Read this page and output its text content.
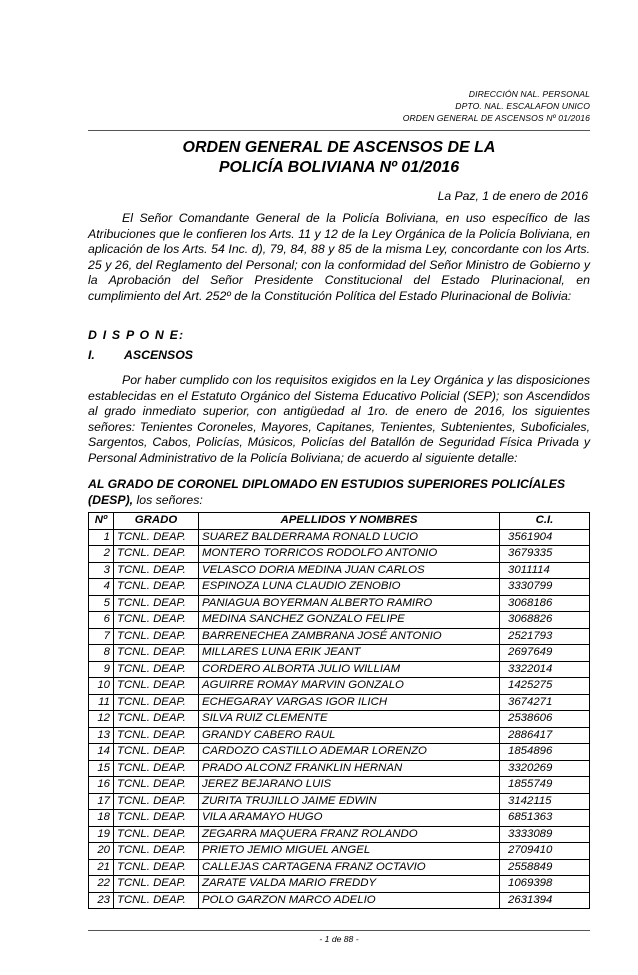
DIRECCIÓN NAL. PERSONAL
DPTO. NAL. ESCALAFON UNICO
ORDEN GENERAL DE ASCENSOS Nº 01/2016
ORDEN GENERAL DE ASCENSOS DE LA
POLICÍA BOLIVIANA Nº 01/2016
La Paz, 1 de enero de 2016

El Señor Comandante General de la Policía Boliviana, en uso específico de las Atribuciones que le confieren los Arts. 11 y 12 de la Ley Orgánica de la Policía Boliviana, en aplicación de los Arts. 54 Inc. d), 79, 84, 88 y 85 de la misma Ley, concordante con los Arts. 25 y 26, del Reglamento del Personal; con la conformidad del Señor Ministro de Gobierno y la Aprobación del Señor Presidente Constitucional del Estado Plurinacional, en cumplimiento del Art. 252º de la Constitución Política del Estado Plurinacional de Bolivia:

D I S P O N E:
I. ASCENSOS

Por haber cumplido con los requisitos exigidos en la Ley Orgánica y las disposiciones establecidas en el Estatuto Orgánico del Sistema Educativo Policial (SEP); son Ascendidos al grado inmediato superior, con antigüedad al 1ro. de enero de 2016, los siguientes señores: Tenientes Coroneles, Mayores, Capitanes, Tenientes, Subtenientes, Suboficiales, Sargentos, Cabos, Policías, Músicos, Policías del Batallón de Seguridad Física Privada y Personal Administrativo de la Policía Boliviana; de acuerdo al siguiente detalle:

AL GRADO DE CORONEL DIPLOMADO EN ESTUDIOS SUPERIORES POLICÍALES (DESP), los señores:
Nº	GRADO	APELLIDOS Y NOMBRES	C.I.
1	TCNL. DEAP.	SUAREZ BALDERRAMA RONALD LUCIO	3561904
2	TCNL. DEAP.	MONTERO TORRICOS RODOLFO ANTONIO	3679335
3	TCNL. DEAP.	VELASCO DORIA MEDINA JUAN CARLOS	3011114
4	TCNL. DEAP.	ESPINOZA LUNA CLAUDIO ZENOBIO	3330799
5	TCNL. DEAP.	PANIAGUA BOYERMAN ALBERTO RAMIRO	3068186
6	TCNL. DEAP.	MEDINA SANCHEZ GONZALO FELIPE	3068826
7	TCNL. DEAP.	BARRENECHEA ZAMBRANA JOSÉ ANTONIO	2521793
8	TCNL. DEAP.	MILLARES LUNA ERIK JEANT	2697649
9	TCNL. DEAP.	CORDERO ALBORTA JULIO WILLIAM	3322014
10	TCNL. DEAP.	AGUIRRE ROMAY MARVIN GONZALO	1425275
11	TCNL. DEAP.	ECHEGARAY VARGAS IGOR ILICH	3674271
12	TCNL. DEAP.	SILVA RUIZ CLEMENTE	2538606
13	TCNL. DEAP.	GRANDY CABERO RAUL	2886417
14	TCNL. DEAP.	CARDOZO CASTILLO ADEMAR LORENZO	1854896
15	TCNL. DEAP.	PRADO ALCONZ FRANKLIN HERNAN	3320269
16	TCNL. DEAP.	JEREZ BEJARANO LUIS	1855749
17	TCNL. DEAP.	ZURITA TRUJILLO JAIME EDWIN	3142115
18	TCNL. DEAP.	VILA ARAMAYO HUGO	6851363
19	TCNL. DEAP.	ZEGARRA MAQUERA FRANZ ROLANDO	3333089
20	TCNL. DEAP.	PRIETO JEMIO MIGUEL ANGEL	2709410
21	TCNL. DEAP.	CALLEJAS CARTAGENA FRANZ OCTAVIO	2558849
22	TCNL. DEAP.	ZARATE VALDA MARIO FREDDY	1069398
23	TCNL. DEAP.	POLO GARZON MARCO ADELIO	2631394
- 1 de 88 -
